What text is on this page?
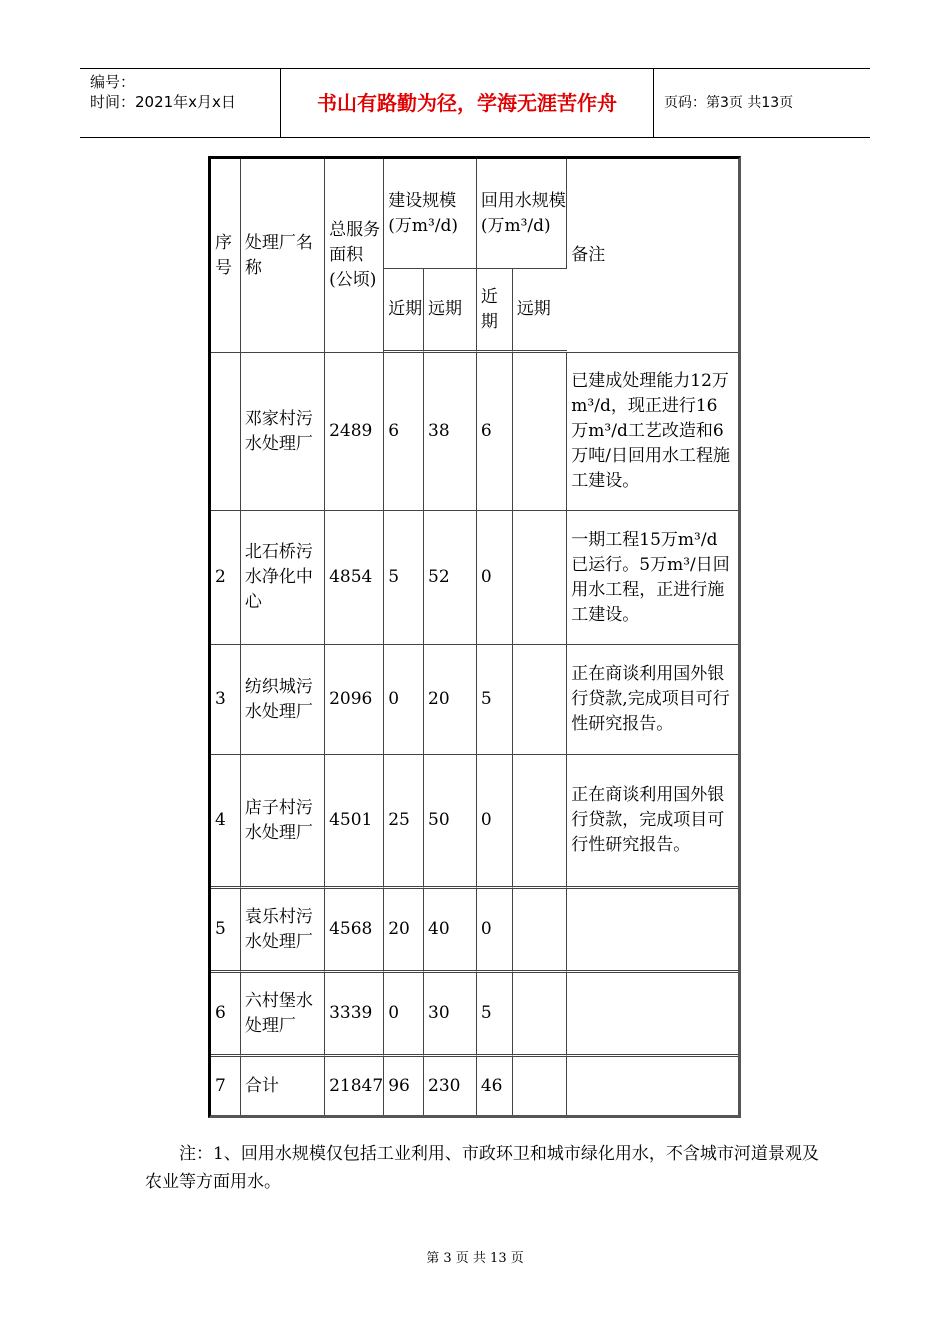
编号：
时间：2021年x月x日	书山有路勤为径，学海无涯苦作舟	页码：第3页 共13页
序号	处理厂名称	总服务面积(公顷)	建设规模(万m³/d)		回用水规模(万m³/d)		备注
			近期	远期	近期	远期	
	邓家村污水处理厂	2489	6	38	6		已建成处理能力12万m³/d，现正进行16万m³/d工艺改造和6万吨/日回用水工程施工建设。
2	北石桥污水净化中心	4854	5	52	0		一期工程15万m³/d已运行。5万m³/日回用水工程，正进行施工建设。
3	纺织城污水处理厂	2096	0	20	5		正在商谈利用国外银行贷款,完成项目可行性研究报告。
4	店子村污水处理厂	4501	25	50	0		正在商谈利用国外银行贷款，完成项目可行性研究报告。
5	袁乐村污水处理厂	4568	20	40	0		
6	六村堡水处理厂	3339	0	30	5		
7	合计	21847	96	230	46		
注：1、回用水规模仅包括工业利用、市政环卫和城市绿化用水，不含城市河道景观及农业等方面用水。
第 3 页 共 13 页
